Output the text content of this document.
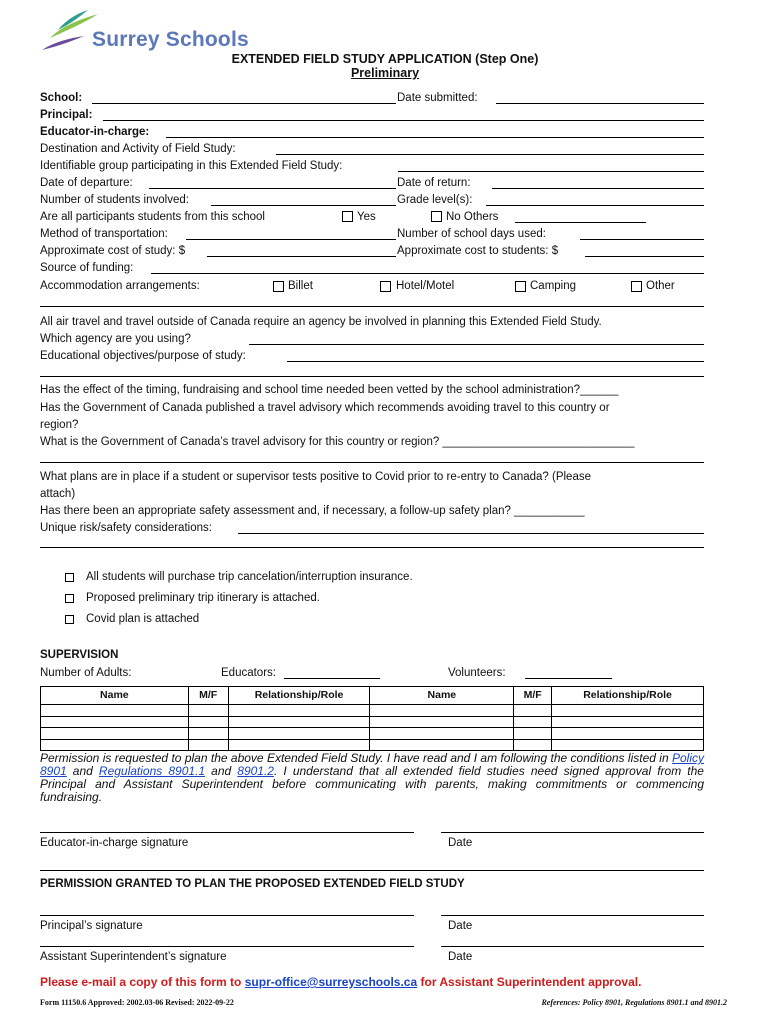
Surrey Schools
EXTENDED FIELD STUDY APPLICATION (Step One)
Preliminary
School:	Date submitted:
Principal:
Educator-in-charge:
Destination and Activity of Field Study:
Identifiable group participating in this Extended Field Study:
Date of departure:	Date of return:
Number of students involved:	Grade level(s):
Are all participants students from this school	Yes	No Others
Method of transportation:	Number of school days used:
Approximate cost of study: $	Approximate cost to students: $
Source of funding:
Accommodation arrangements:	Billet	Hotel/Motel	Camping	Other
All air travel and travel outside of Canada require an agency be involved in planning this Extended Field Study.
Which agency are you using?
Educational objectives/purpose of study:
Has the effect of the timing, fundraising and school time needed been vetted by the school administration?______
Has the Government of Canada published a travel advisory which recommends avoiding travel to this country or
region?
What is the Government of Canada’s travel advisory for this country or region? ______________________________
What plans are in place if a student or supervisor tests positive to Covid prior to re-entry to Canada? (Please
attach)
Has there been an appropriate safety assessment and, if necessary, a follow-up safety plan? ___________
Unique risk/safety considerations:
All students will purchase trip cancelation/interruption insurance.
Proposed preliminary trip itinerary is attached.
Covid plan is attached
SUPERVISION
Number of Adults:	Educators:	Volunteers:
Name	M/F	Relationship/Role	Name	M/F	Relationship/Role

Permission is requested to plan the above Extended Field Study. I have read and I am following the conditions listed in Policy 8901 and Regulations 8901.1 and 8901.2. I understand that all extended field studies need signed approval from the Principal and Assistant Superintendent before communicating with parents, making commitments or commencing fundraising.
Educator-in-charge signature	Date
PERMISSION GRANTED TO PLAN THE PROPOSED EXTENDED FIELD STUDY
Principal’s signature	Date
Assistant Superintendent’s signature	Date
Please e-mail a copy of this form to supr-office@surreyschools.ca for Assistant Superintendent approval.
Form 11150.6 Approved: 2002.03-06 Revised: 2022-09-22	References: Policy 8901, Regulations 8901.1 and 8901.2
